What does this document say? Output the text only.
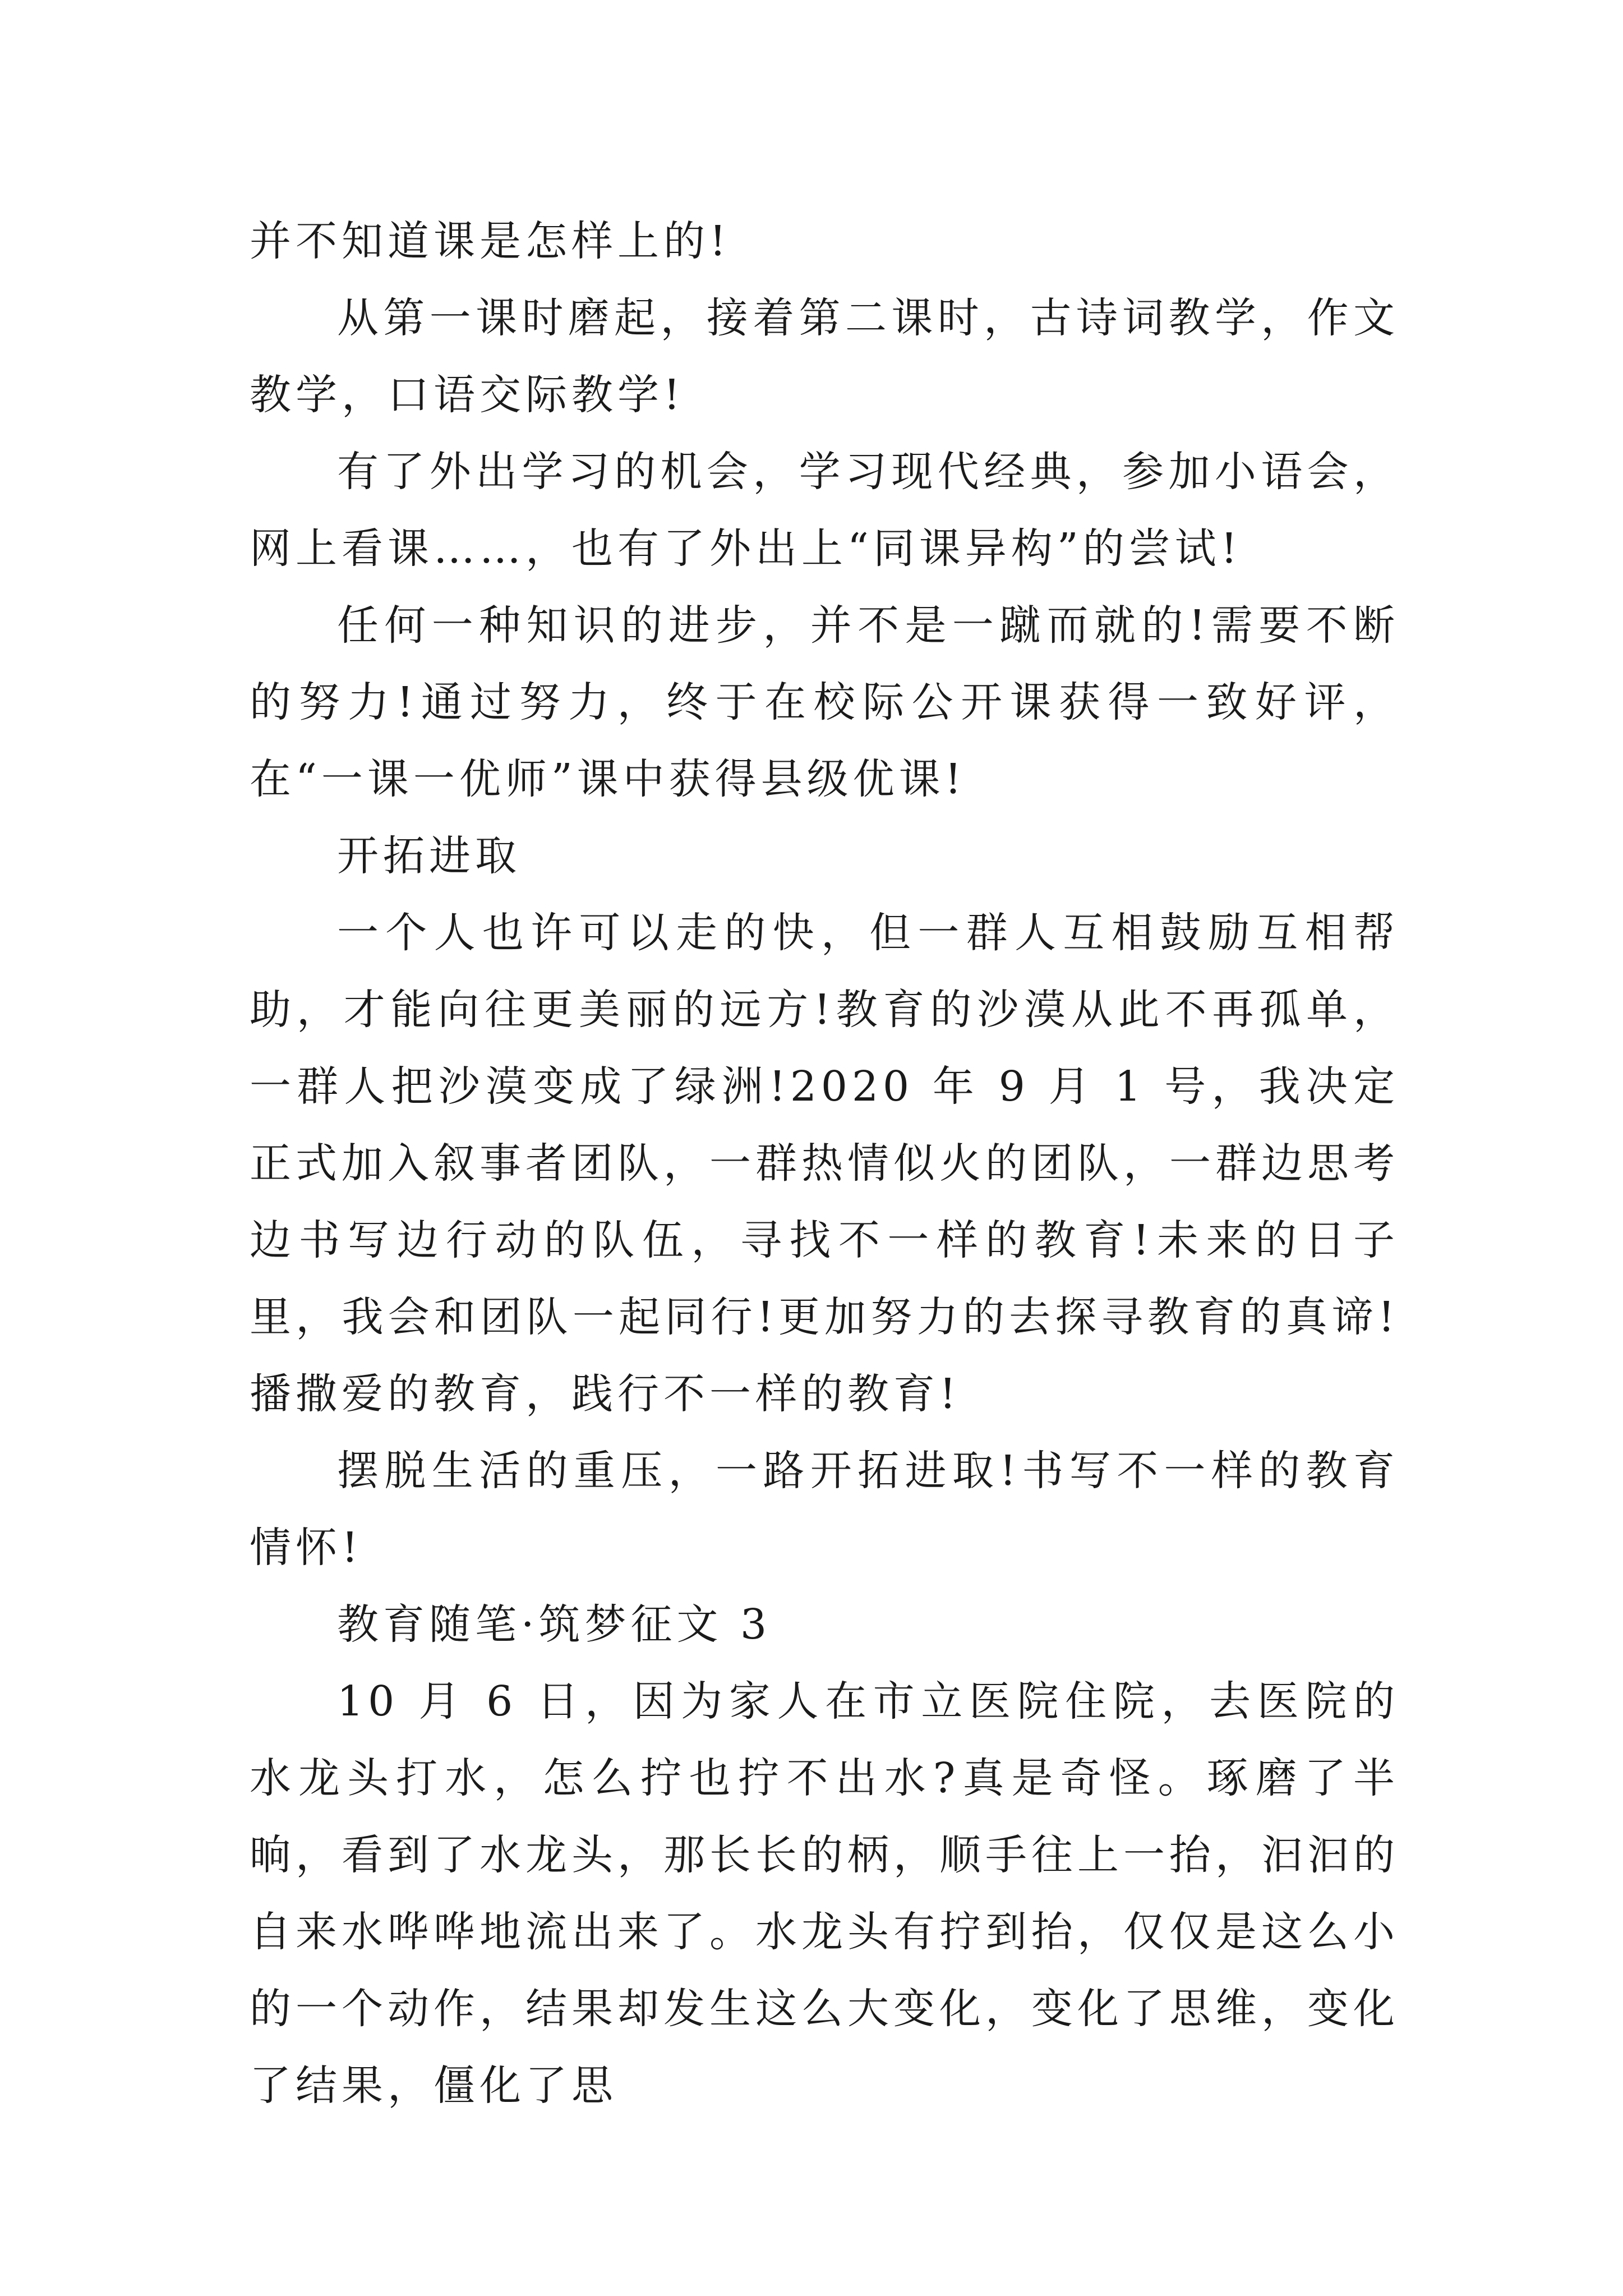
并不知道课是怎样上的!

从第一课时磨起，接着第二课时，古诗词教学，作文教学，口语交际教学!

有了外出学习的机会，学习现代经典，参加小语会，网上看课……，也有了外出上“同课异构”的尝试!

任何一种知识的进步，并不是一蹴而就的!需要不断的努力!通过努力，终于在校际公开课获得一致好评，在“一课一优师”课中获得县级优课!

开拓进取

一个人也许可以走的快，但一群人互相鼓励互相帮助，才能向往更美丽的远方!教育的沙漠从此不再孤单，一群人把沙漠变成了绿洲!2020 年 9 月 1 号，我决定正式加入叙事者团队，一群热情似火的团队，一群边思考边书写边行动的队伍，寻找不一样的教育!未来的日子里，我会和团队一起同行!更加努力的去探寻教育的真谛!播撒爱的教育，践行不一样的教育!

摆脱生活的重压，一路开拓进取!书写不一样的教育情怀!

教育随笔·筑梦征文 3

10 月 6 日，因为家人在市立医院住院，去医院的水龙头打水，怎么拧也拧不出水?真是奇怪。琢磨了半晌，看到了水龙头，那长长的柄，顺手往上一抬，汩汩的自来水哗哗地流出来了。水龙头有拧到抬，仅仅是这么小的一个动作，结果却发生这么大变化，变化了思维，变化了结果，僵化了思
